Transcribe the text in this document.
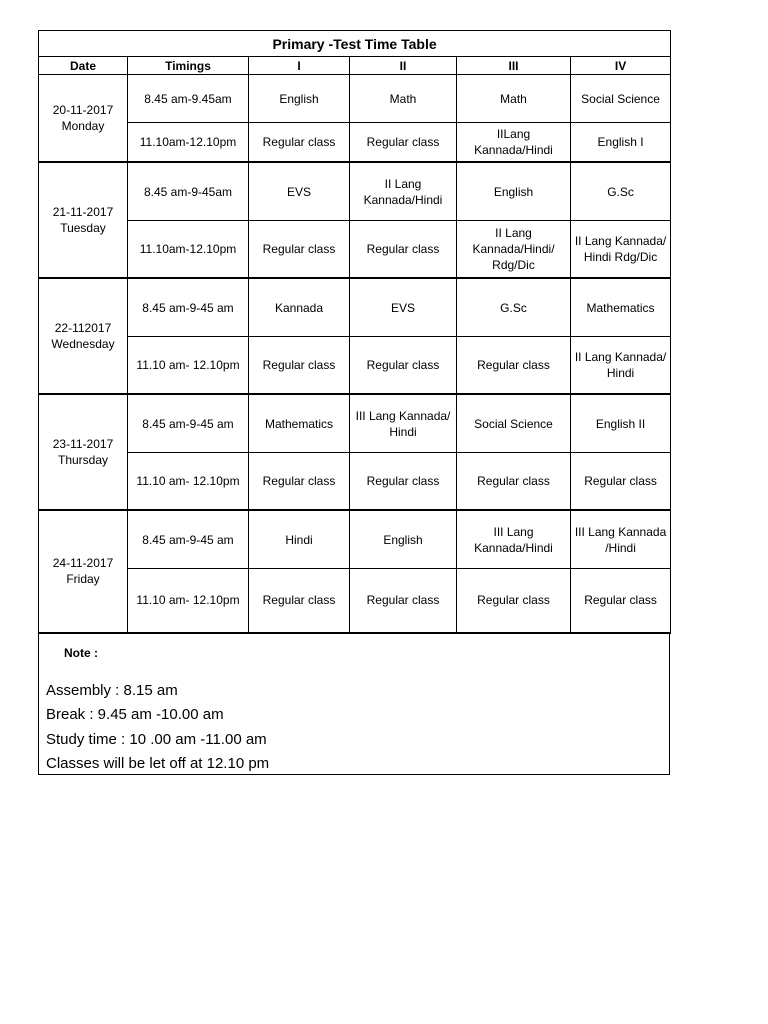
Primary -Test Time Table					
Date	Timings	I	II	III	IV

20-11-2017
Monday	8.45 am-9.45am	English	Math	Math	Social Science
	11.10am-12.10pm	Regular class	Regular class	IILang Kannada/Hindi	English I

21-11-2017
Tuesday	8.45 am-9-45am	EVS	II Lang Kannada/Hindi	English	G.Sc
	11.10am-12.10pm	Regular class	Regular class	II Lang Kannada/Hindi/ Rdg/Dic	II Lang Kannada/ Hindi Rdg/Dic

22-112017
Wednesday	8.45 am-9-45 am	Kannada	EVS	G.Sc	Mathematics
	11.10 am- 12.10pm	Regular class	Regular class	Regular class	II Lang Kannada/ Hindi

23-11-2017
Thursday	8.45 am-9-45 am	Mathematics	III Lang Kannada/ Hindi	Social Science	English II
	11.10 am- 12.10pm	Regular class	Regular class	Regular class	Regular class

24-11-2017
Friday	8.45 am-9-45 am	Hindi	English	III Lang Kannada/Hindi	III Lang Kannada /Hindi
	11.10 am- 12.10pm	Regular class	Regular class	Regular class	Regular class
Note :
Assembly : 8.15 am
Break : 9.45 am -10.00 am
Study time : 10 .00 am -11.00 am
Classes will be let off at 12.10 pm
